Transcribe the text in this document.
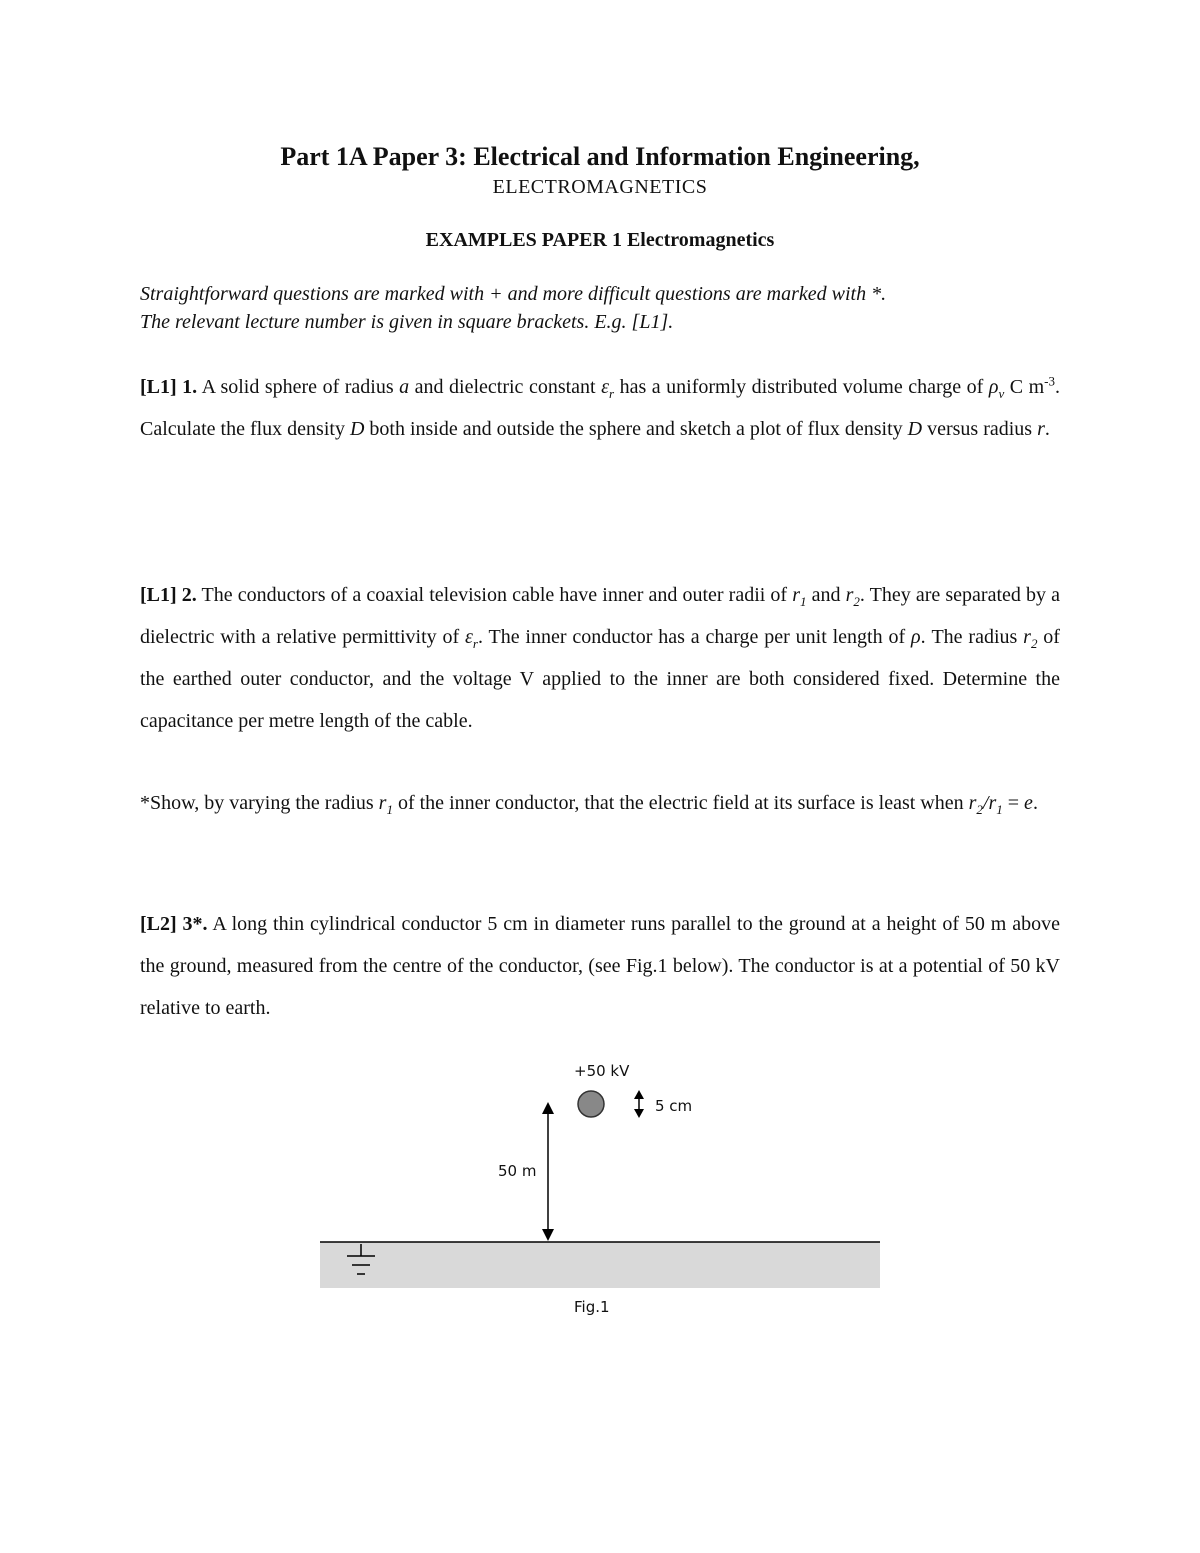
Part 1A Paper 3: Electrical and Information Engineering,
ELECTROMAGNETICS
EXAMPLES PAPER 1 Electromagnetics
Straightforward questions are marked with + and more difficult questions are marked with *.
The relevant lecture number is given in square brackets. E.g. [L1].
[L1] 1. A solid sphere of radius a and dielectric constant $\varepsilon_r$ has a uniformly distributed volume charge of $\rho_v$ C $m^{-3}$. Calculate the flux density D both inside and outside the sphere and sketch a plot of flux density D versus radius r.
[L1] 2. The conductors of a coaxial television cable have inner and outer radii of $r_1$ and $r_2$. They are separated by a dielectric with a relative permittivity of $\varepsilon_r$. The inner conductor has a charge per unit length of ρ. The radius $r_2$ of the earthed outer conductor, and the voltage V applied to the inner are both considered fixed. Determine the capacitance per metre length of the cable.
*Show, by varying the radius $r_1$ of the inner conductor, that the electric field at its surface is least when $r_2/r_1 = e$.
[L2] 3*. A long thin cylindrical conductor 5 cm in diameter runs parallel to the ground at a height of 50 m above the ground, measured from the centre of the conductor, (see Fig.1 below). The conductor is at a potential of 50 kV relative to earth.
+50 kV
5 cm
50 m
Fig.1
